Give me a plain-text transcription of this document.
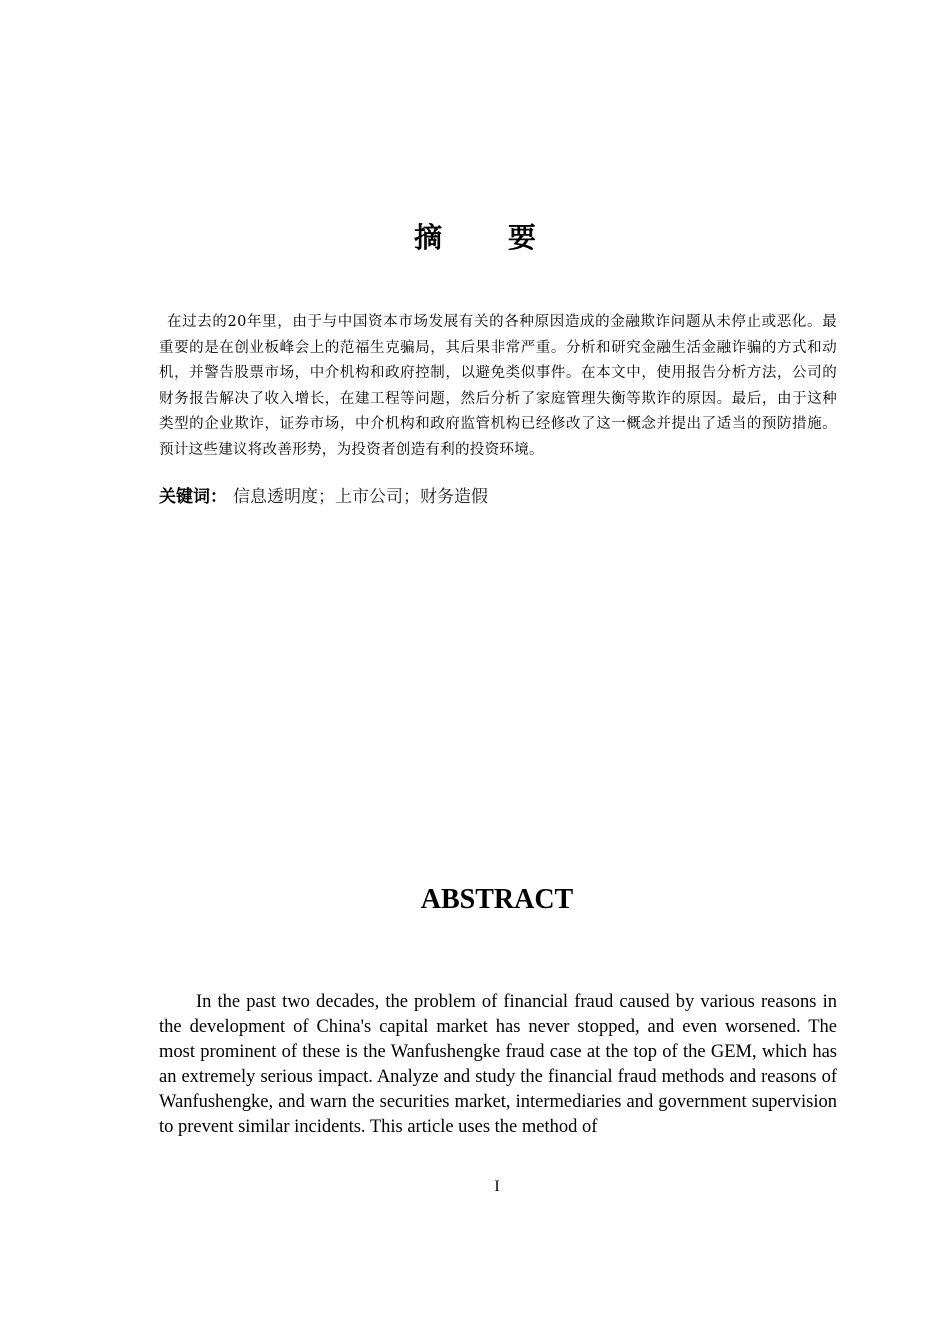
摘 要
在过去的20年里，由于与中国资本市场发展有关的各种原因造成的金融欺诈问题从未停止或恶化。最重要的是在创业板峰会上的范福生克骗局，其后果非常严重。分析和研究金融生活金融诈骗的方式和动机，并警告股票市场，中介机构和政府控制，以避免类似事件。在本文中，使用报告分析方法，公司的财务报告解决了收入增长，在建工程等问题，然后分析了家庭管理失衡等欺诈的原因。最后，由于这种类型的企业欺诈，证券市场，中介机构和政府监管机构已经修改了这一概念并提出了适当的预防措施。预计这些建议将改善形势，为投资者创造有利的投资环境。
关键词： 信息透明度；上市公司；财务造假
ABSTRACT
In the past two decades, the problem of financial fraud caused by various reasons in the development of China's capital market has never stopped, and even worsened. The most prominent of these is the Wanfushengke fraud case at the top of the GEM, which has an extremely serious impact. Analyze and study the financial fraud methods and reasons of Wanfushengke, and warn the securities market, intermediaries and government supervision to prevent similar incidents. This article uses the method of
I
